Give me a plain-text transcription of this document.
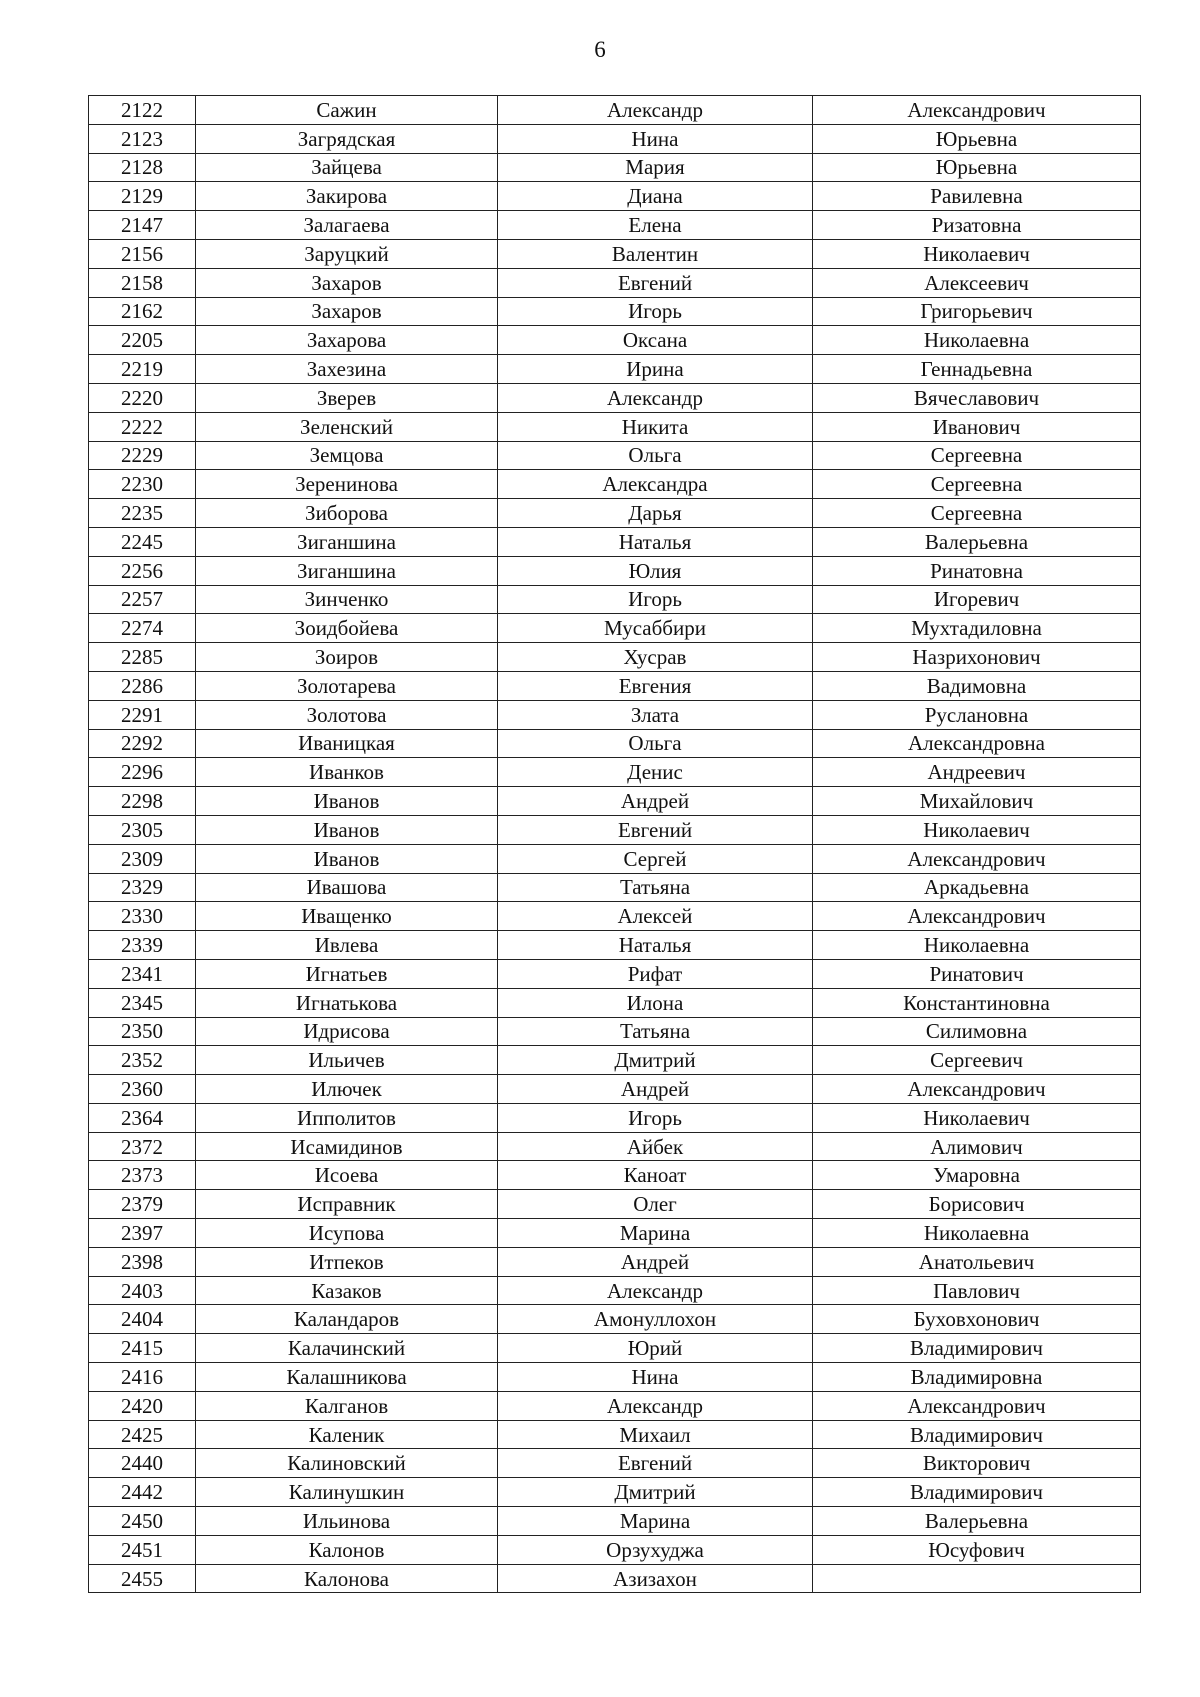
6
2122	Сажин	Александр	Александрович
2123	Загрядская	Нина	Юрьевна
2128	Зайцева	Мария	Юрьевна
2129	Закирова	Диана	Равилевна
2147	Залагаева	Елена	Ризатовна
2156	Заруцкий	Валентин	Николаевич
2158	Захаров	Евгений	Алексеевич
2162	Захаров	Игорь	Григорьевич
2205	Захарова	Оксана	Николаевна
2219	Захезина	Ирина	Геннадьевна
2220	Зверев	Александр	Вячеславович
2222	Зеленский	Никита	Иванович
2229	Земцова	Ольга	Сергеевна
2230	Зеренинова	Александра	Сергеевна
2235	Зиборова	Дарья	Сергеевна
2245	Зиганшина	Наталья	Валерьевна
2256	Зиганшина	Юлия	Ринатовна
2257	Зинченко	Игорь	Игоревич
2274	Зоидбойева	Мусаббири	Мухтадиловна
2285	Зоиров	Хусрав	Назрихонович
2286	Золотарева	Евгения	Вадимовна
2291	Золотова	Злата	Руслановна
2292	Иваницкая	Ольга	Александровна
2296	Иванков	Денис	Андреевич
2298	Иванов	Андрей	Михайлович
2305	Иванов	Евгений	Николаевич
2309	Иванов	Сергей	Александрович
2329	Ивашова	Татьяна	Аркадьевна
2330	Иващенко	Алексей	Александрович
2339	Ивлева	Наталья	Николаевна
2341	Игнатьев	Рифат	Ринатович
2345	Игнатькова	Илона	Константиновна
2350	Идрисова	Татьяна	Силимовна
2352	Ильичев	Дмитрий	Сергеевич
2360	Илючек	Андрей	Александрович
2364	Ипполитов	Игорь	Николаевич
2372	Исамидинов	Айбек	Алимович
2373	Исоева	Каноат	Умаровна
2379	Исправник	Олег	Борисович
2397	Исупова	Марина	Николаевна
2398	Итпеков	Андрей	Анатольевич
2403	Казаков	Александр	Павлович
2404	Каландаров	Амонуллохон	Буховхонович
2415	Калачинский	Юрий	Владимирович
2416	Калашникова	Нина	Владимировна
2420	Калганов	Александр	Александрович
2425	Каленик	Михаил	Владимирович
2440	Калиновский	Евгений	Викторович
2442	Калинушкин	Дмитрий	Владимирович
2450	Ильинова	Марина	Валерьевна
2451	Калонов	Орзухуджа	Юсуфович
2455	Калонова	Азизахон	
